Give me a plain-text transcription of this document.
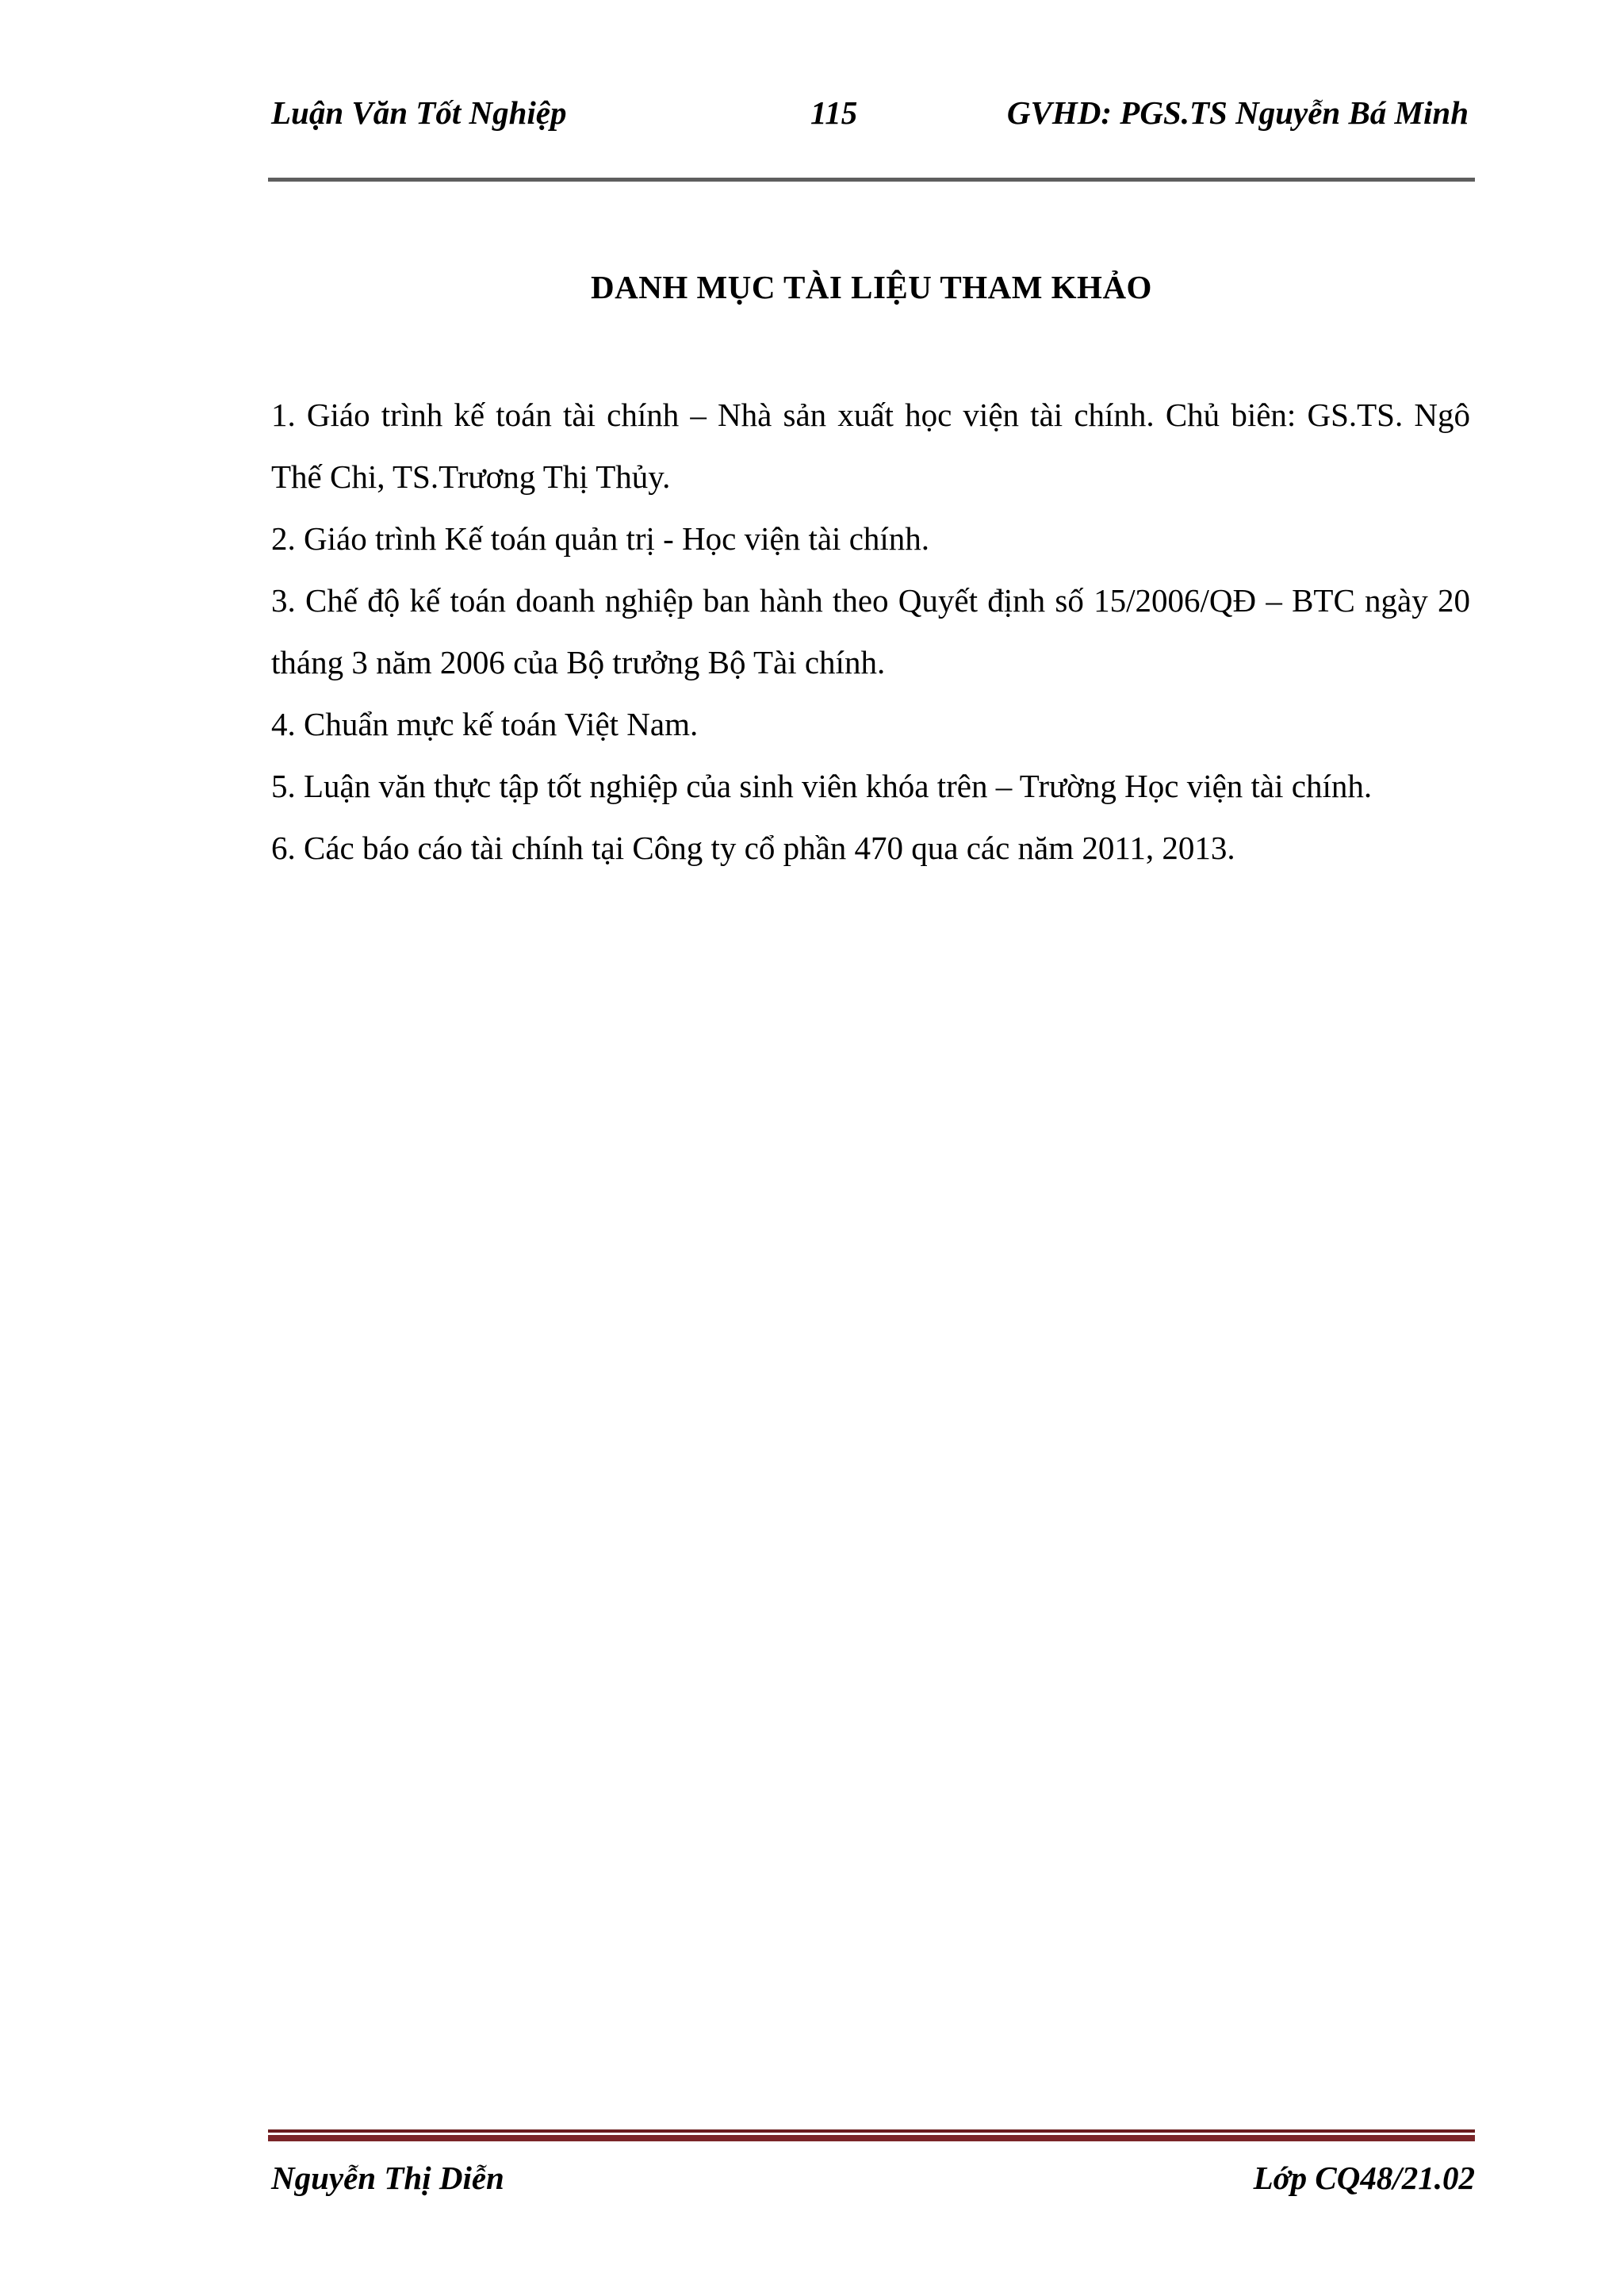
Luận Văn Tốt Nghiệp	115	GVHD: PGS.TS Nguyễn Bá Minh
DANH MỤC TÀI LIỆU THAM KHẢO

1. Giáo trình kế toán tài chính – Nhà sản xuất học viện tài chính. Chủ biên: GS.TS. Ngô Thế Chi, TS.Trương Thị Thủy.

2. Giáo trình Kế toán quản trị - Học viện tài chính.

3. Chế độ kế toán doanh nghiệp ban hành theo Quyết định số 15/2006/QĐ – BTC ngày 20 tháng 3 năm 2006 của Bộ trưởng Bộ Tài chính.

4. Chuẩn mực kế toán Việt Nam.

5. Luận văn thực tập tốt nghiệp của sinh viên khóa trên – Trường Học viện tài chính.

6. Các báo cáo tài chính tại Công ty cổ phần 470 qua các năm 2011, 2013.

Nguyễn Thị Diễn	Lớp CQ48/21.02
